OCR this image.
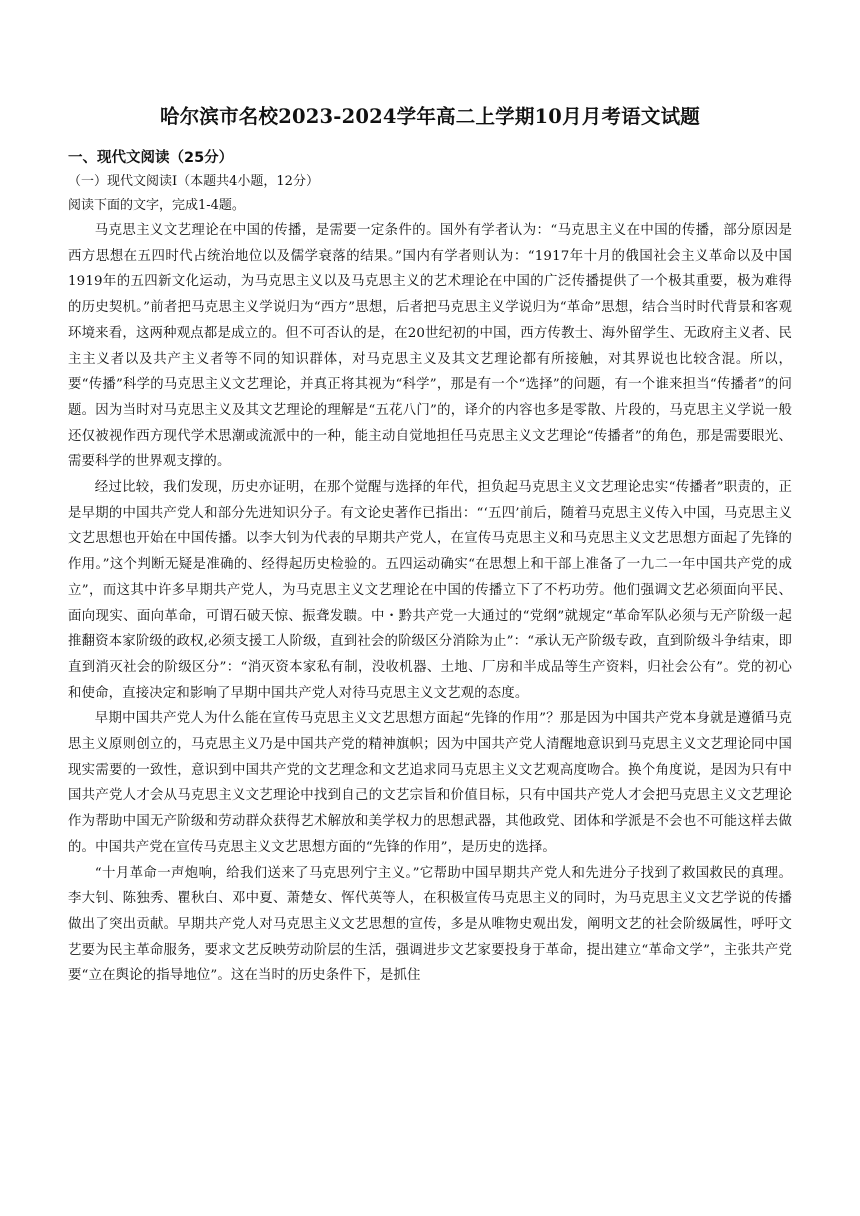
哈尔滨市名校2023-2024学年高二上学期10月月考语文试题

一、现代文阅读（25分）

（一）现代文阅读Ⅰ（本题共4小题，12分）

阅读下面的文字，完成1-4题。

马克思主义文艺理论在中国的传播，是需要一定条件的。国外有学者认为：“马克思主义在中国的传播，部分原因是西方思想在五四时代占统治地位以及儒学衰落的结果。”国内有学者则认为：“1917年十月的俄国社会主义革命以及中国1919年的五四新文化运动，为马克思主义以及马克思主义的艺术理论在中国的广泛传播提供了一个极其重要，极为难得的历史契机。”前者把马克思主义学说归为“西方”思想，后者把马克思主义学说归为“革命”思想，结合当时时代背景和客观环境来看，这两种观点都是成立的。但不可否认的是，在20世纪初的中国，西方传教士、海外留学生、无政府主义者、民主主义者以及共产主义者等不同的知识群体，对马克思主义及其文艺理论都有所接触，对其界说也比较含混。所以，要“传播”科学的马克思主义文艺理论，并真正将其视为“科学”，那是有一个“选择”的问题，有一个谁来担当“传播者”的问题。因为当时对马克思主义及其文艺理论的理解是“五花八门”的，译介的内容也多是零散、片段的，马克思主义学说一般还仅被视作西方现代学术思潮或流派中的一种，能主动自觉地担任马克思主义文艺理论“传播者”的角色，那是需要眼光、需要科学的世界观支撑的。

经过比较，我们发现，历史亦证明，在那个觉醒与选择的年代，担负起马克思主义文艺理论忠实“传播者”职责的，正是早期的中国共产党人和部分先进知识分子。有文论史著作已指出：“‘五四’前后，随着马克思主义传入中国，马克思主义文艺思想也开始在中国传播。以李大钊为代表的早期共产党人，在宣传马克思主义和马克思主义文艺思想方面起了先锋的作用。”这个判断无疑是准确的、经得起历史检验的。五四运动确实“在思想上和干部上准备了一九二一年中国共产党的成立”，而这其中许多早期共产党人，为马克思主义文艺理论在中国的传播立下了不朽功劳。他们强调文艺必须面向平民、面向现实、面向革命，可谓石破天惊、振聋发聩。中・黔共产党一大通过的“党纲”就规定“革命军队必须与无产阶级一起推翻资本家阶级的政权,必须支援工人阶级，直到社会的阶级区分消除为止”：“承认无产阶级专政，直到阶级斗争结束，即直到消灭社会的阶级区分”：“消灭资本家私有制，没收机器、土地、厂房和半成品等生产资料，归社会公有”。党的初心和使命，直接决定和影响了早期中国共产党人对待马克思主义文艺观的态度。

早期中国共产党人为什么能在宣传马克思主义文艺思想方面起“先锋的作用”？那是因为中国共产党本身就是遵循马克思主义原则创立的，马克思主义乃是中国共产党的精神旗帜；因为中国共产党人清醒地意识到马克思主义文艺理论同中国现实需要的一致性，意识到中国共产党的文艺理念和文艺追求同马克思主义文艺观高度吻合。换个角度说，是因为只有中国共产党人才会从马克思主义文艺理论中找到自己的文艺宗旨和价值目标，只有中国共产党人才会把马克思主义文艺理论作为帮助中国无产阶级和劳动群众获得艺术解放和美学权力的思想武器，其他政党、团体和学派是不会也不可能这样去做的。中国共产党在宣传马克思主义文艺思想方面的“先锋的作用”，是历史的选择。

“十月革命一声炮响，给我们送来了马克思列宁主义。”它帮助中国早期共产党人和先进分子找到了救国救民的真理。李大钊、陈独秀、瞿秋白、邓中夏、萧楚女、恽代英等人，在积极宣传马克思主义的同时，为马克思主义文艺学说的传播做出了突出贡献。早期共产党人对马克思主义文艺思想的宣传，多是从唯物史观出发，阐明文艺的社会阶级属性，呼吁文艺要为民主革命服务，要求文艺反映劳动阶层的生活，强调进步文艺家要投身于革命，提出建立“革命文学”，主张共产党要“立在舆论的指导地位”。这在当时的历史条件下，是抓住
